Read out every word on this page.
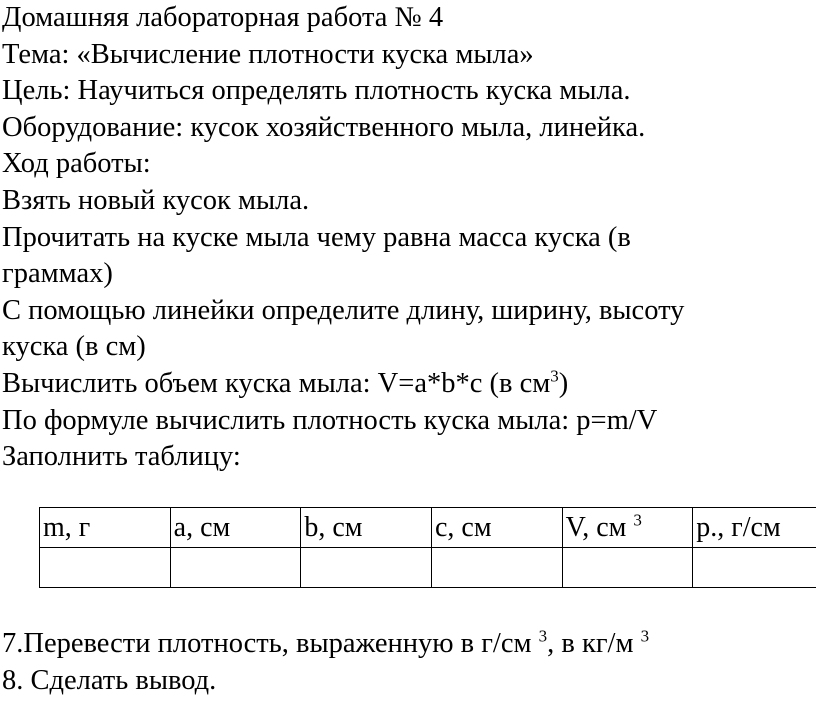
Домашняя лабораторная работа № 4

Тема: «Вычисление плотности куска мыла»

Цель: Научиться определять плотность куска мыла.

Оборудование: кусок хозяйственного мыла, линейка.

Ход работы:

Взять новый кусок мыла.

Прочитать на куске мыла чему равна масса куска (в

граммах)

С помощью линейки определите длину, ширину, высоту

куска (в см)

Вычислить объем куска мыла: V=a*b*c (в $см^3$)

По формуле вычислить плотность куска мыла: p=m/V

Заполнить таблицу:

m, г	a, см	b, см	c, см	V, см $^3$	p., г/см

7.Перевести плотность, выраженную в г/см $^3$, в кг/м $^3$

8. Сделать вывод.
